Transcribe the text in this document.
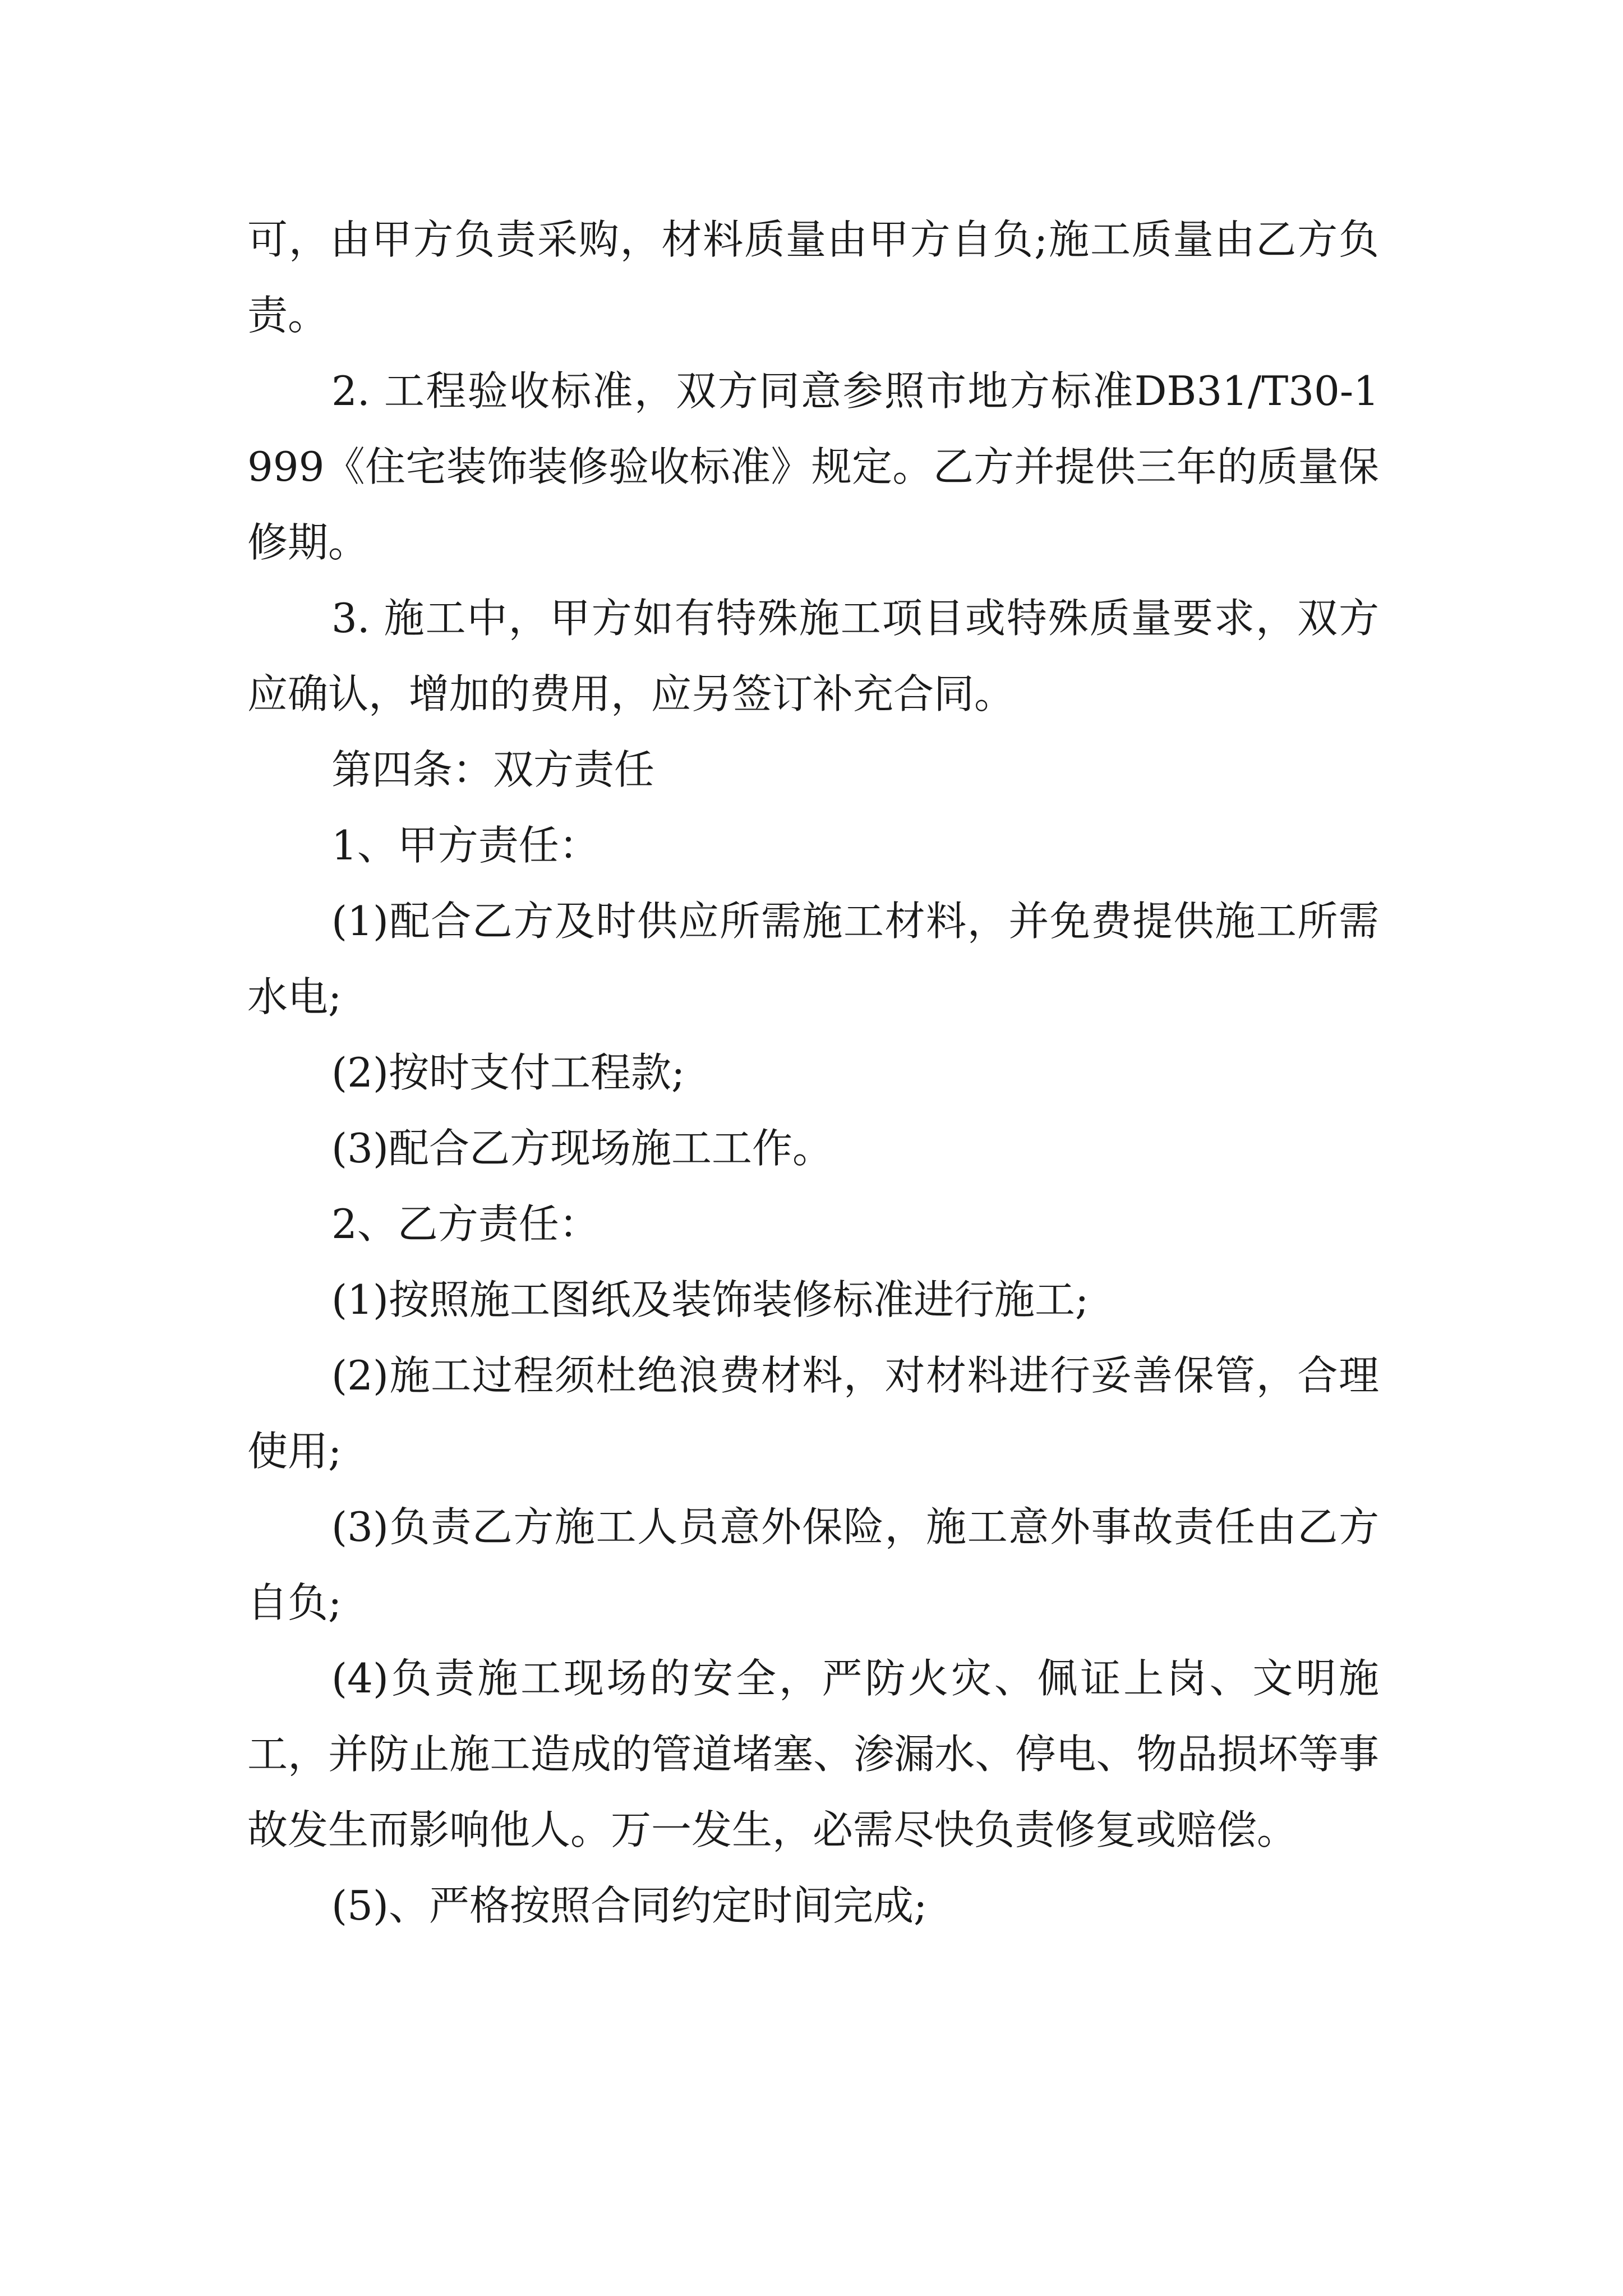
可，由甲方负责采购，材料质量由甲方自负;施工质量由乙方负责。

2. 工程验收标准，双方同意参照市地方标准DB31/T30-1999《住宅装饰装修验收标准》规定。乙方并提供三年的质量保修期。

3. 施工中，甲方如有特殊施工项目或特殊质量要求，双方应确认，增加的费用，应另签订补充合同。

第四条：双方责任

1、甲方责任：

(1)配合乙方及时供应所需施工材料，并免费提供施工所需水电;

(2)按时支付工程款;

(3)配合乙方现场施工工作。

2、乙方责任：

(1)按照施工图纸及装饰装修标准进行施工;

(2)施工过程须杜绝浪费材料，对材料进行妥善保管，合理使用;

(3)负责乙方施工人员意外保险，施工意外事故责任由乙方自负;

(4)负责施工现场的安全，严防火灾、佩证上岗、文明施工，并防止施工造成的管道堵塞、渗漏水、停电、物品损坏等事故发生而影响他人。万一发生，必需尽快负责修复或赔偿。

(5)、严格按照合同约定时间完成;
